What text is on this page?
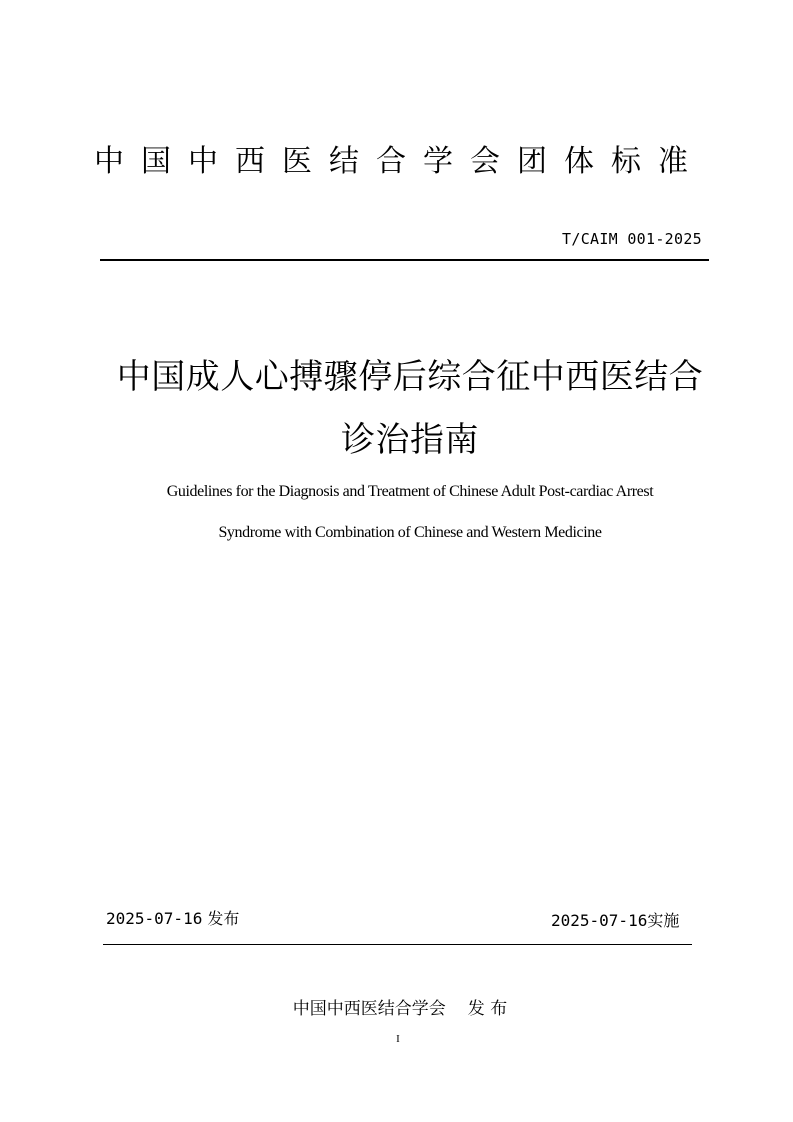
中国中西医结合学会团体标准
T/CAIM 001-2025
中国成人心搏骤停后综合征中西医结合
诊治指南
Guidelines for the Diagnosis and Treatment of Chinese Adult Post-cardiac Arrest
Syndrome with Combination of Chinese and Western Medicine
2025-07-16 发布	2025-07-16实施
中国中西医结合学会 发 布
I
